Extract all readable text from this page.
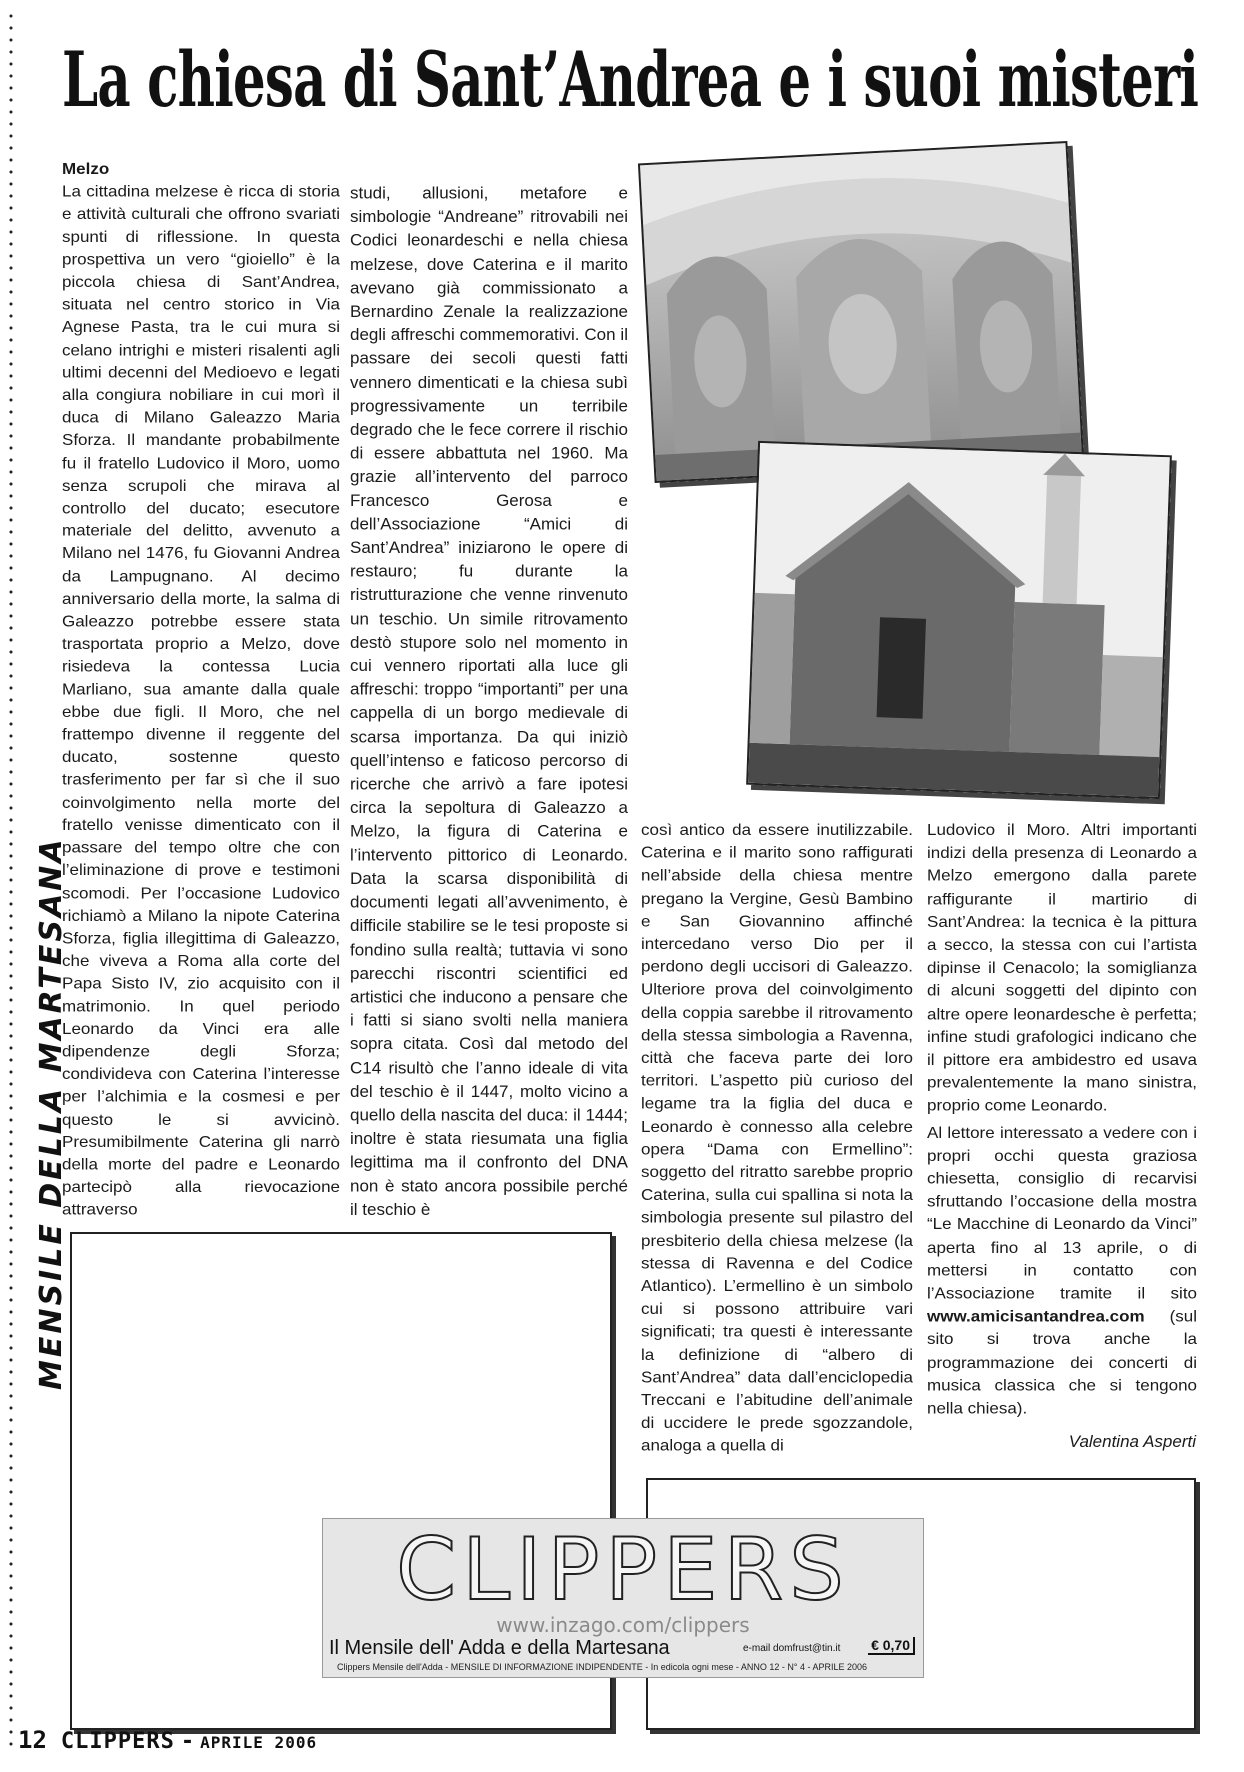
MENSILE DELLA MARTESANA
La chiesa di Sant’Andrea e i suoi misteri
Melzo

La cittadina melzese è ricca di storia e attività culturali che offrono svariati spunti di riflessione. In questa prospettiva un vero “gioiello” è la piccola chiesa di Sant’Andrea, situata nel centro storico in Via Agnese Pasta, tra le cui mura si celano intrighi e misteri risalenti agli ultimi decenni del Medioevo e legati alla congiura nobiliare in cui morì il duca di Milano Galeazzo Maria Sforza. Il mandante probabilmente fu il fratello Ludovico il Moro, uomo senza scrupoli che mirava al controllo del ducato; esecutore materiale del delitto, avvenuto a Milano nel 1476, fu Giovanni Andrea da Lampugnano. Al decimo anniversario della morte, la salma di Galeazzo potrebbe essere stata trasportata proprio a Melzo, dove risiedeva la contessa Lucia Marliano, sua amante dalla quale ebbe due figli. Il Moro, che nel frattempo divenne il reggente del ducato, sostenne questo trasferimento per far sì che il suo coinvolgimento nella morte del fratello venisse dimenticato con il passare del tempo oltre che con l’eliminazione di prove e testimoni scomodi. Per l’occasione Ludovico richiamò a Milano la nipote Caterina Sforza, figlia illegittima di Galeazzo, che viveva a Roma alla corte del Papa Sisto IV, zio acquisito con il matrimonio. In quel periodo Leonardo da Vinci era alle dipendenze degli Sforza; condivideva con Caterina l’interesse per l’alchimia e la cosmesi e per questo le si avvicinò. Presumibilmente Caterina gli narrò della morte del padre e Leonardo partecipò alla rievocazione attraverso

studi, allusioni, metafore e simbologie “Andreane” ritrovabili nei Codici leonardeschi e nella chiesa melzese, dove Caterina e il marito avevano già commissionato a Bernardino Zenale la realizzazione degli affreschi commemorativi. Con il passare dei secoli questi fatti vennero dimenticati e la chiesa subì progressivamente un terribile degrado che le fece correre il rischio di essere abbattuta nel 1960. Ma grazie all’intervento del parroco Francesco Gerosa e dell’Associazione “Amici di Sant’Andrea” iniziarono le opere di restauro; fu durante la ristrutturazione che venne rinvenuto un teschio. Un simile ritrovamento destò stupore solo nel momento in cui vennero riportati alla luce gli affreschi: troppo “importanti” per una cappella di un borgo medievale di scarsa importanza. Da qui iniziò quell’intenso e faticoso percorso di ricerche che arrivò a fare ipotesi circa la sepoltura di Galeazzo a Melzo, la figura di Caterina e l’intervento pittorico di Leonardo. Data la scarsa disponibilità di documenti legati all’avvenimento, è difficile stabilire se le tesi proposte si fondino sulla realtà; tuttavia vi sono parecchi riscontri scientifici ed artistici che inducono a pensare che i fatti si siano svolti nella maniera sopra citata. Così dal metodo del C14 risultò che l’anno ideale di vita del teschio è il 1447, molto vicino a quello della nascita del duca: il 1444; inoltre è stata riesumata una figlia legittima ma il confronto del DNA non è stato ancora possibile perché il teschio è

così antico da essere inutilizzabile. Caterina e il marito sono raffigurati nell’abside della chiesa mentre pregano la Vergine, Gesù Bambino e San Giovannino affinché intercedano verso Dio per il perdono degli uccisori di Galeazzo. Ulteriore prova del coinvolgimento della coppia sarebbe il ritrovamento della stessa simbologia a Ravenna, città che faceva parte dei loro territori. L’aspetto più curioso del legame tra la figlia del duca e Leonardo è connesso alla celebre opera “Dama con Ermellino”: soggetto del ritratto sarebbe proprio Caterina, sulla cui spallina si nota la simbologia presente sul pilastro del presbiterio della chiesa melzese (la stessa di Ravenna e del Codice Atlantico). L’ermellino è un simbolo cui si possono attribuire vari significati; tra questi è interessante la definizione di “albero di Sant’Andrea” data dall’enciclopedia Treccani e l’abitudine dell’animale di uccidere le prede sgozzandole, analoga a quella di

Ludovico il Moro. Altri importanti indizi della presenza di Leonardo a Melzo emergono dalla parete raffigurante il martirio di Sant’Andrea: la tecnica è la pittura a secco, la stessa con cui l’artista dipinse il Cenacolo; la somiglianza di alcuni soggetti del dipinto con altre opere leonardesche è perfetta; infine studi grafologici indicano che il pittore era ambidestro ed usava prevalentemente la mano sinistra, proprio come Leonardo.

Al lettore interessato a vedere con i propri occhi questa graziosa chiesetta, consiglio di recarvisi sfruttando l’occasione della mostra “Le Macchine di Leonardo da Vinci” aperta fino al 13 aprile, o di mettersi in contatto con l’Associazione tramite il sito www.amicisantandrea.com (sul sito si trova anche la programmazione dei concerti di musica classica che si tengono nella chiesa).

Valentina Asperti
CLIPPERS
www.inzago.com/clippers
Il Mensile dell' Adda e della Martesana	e-mail domfrust@tin.it € 0,70
Clippers Mensile dell'Adda - MENSILE DI INFORMAZIONE INDIPENDENTE - In edicola ogni mese - ANNO 12 - N° 4 - APRILE 2006
12 CLIPPERS - APRILE 2006
